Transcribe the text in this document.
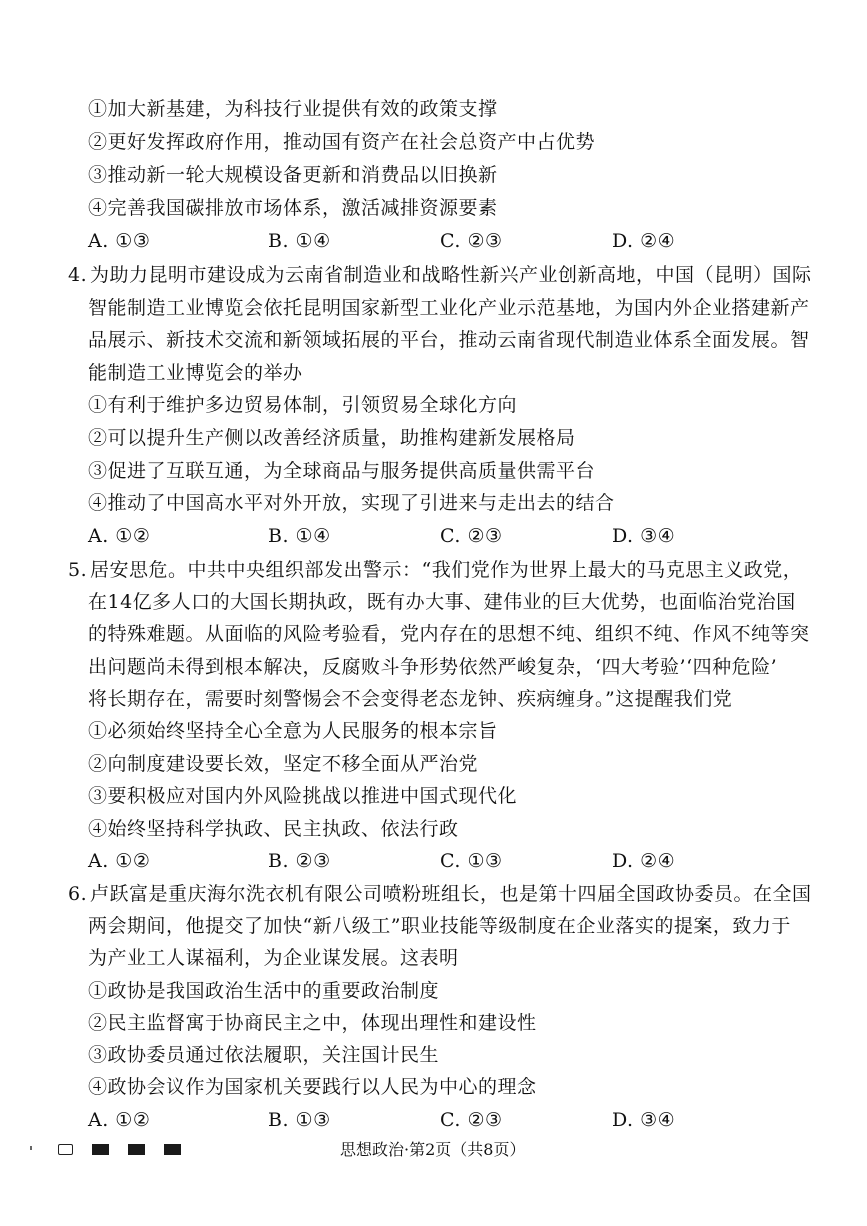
①加大新基建，为科技行业提供有效的政策支撑
②更好发挥政府作用，推动国有资产在社会总资产中占优势
③推动新一轮大规模设备更新和消费品以旧换新
④完善我国碳排放市场体系，激活减排资源要素
A. ①③	B. ①④	C. ②③	D. ②④
4. 为助力昆明市建设成为云南省制造业和战略性新兴产业创新高地，中国（昆明）国际
智能制造工业博览会依托昆明国家新型工业化产业示范基地，为国内外企业搭建新产
品展示、新技术交流和新领域拓展的平台，推动云南省现代制造业体系全面发展。智
能制造工业博览会的举办
①有利于维护多边贸易体制，引领贸易全球化方向
②可以提升生产侧以改善经济质量，助推构建新发展格局
③促进了互联互通，为全球商品与服务提供高质量供需平台
④推动了中国高水平对外开放，实现了引进来与走出去的结合
A. ①②	B. ①④	C. ②③	D. ③④
5. 居安思危。中共中央组织部发出警示：“我们党作为世界上最大的马克思主义政党，
在14亿多人口的大国长期执政，既有办大事、建伟业的巨大优势，也面临治党治国
的特殊难题。从面临的风险考验看，党内存在的思想不纯、组织不纯、作风不纯等突
出问题尚未得到根本解决，反腐败斗争形势依然严峻复杂，‘四大考验’‘四种危险’
将长期存在，需要时刻警惕会不会变得老态龙钟、疾病缠身。”这提醒我们党
①必须始终坚持全心全意为人民服务的根本宗旨
②向制度建设要长效，坚定不移全面从严治党
③要积极应对国内外风险挑战以推进中国式现代化
④始终坚持科学执政、民主执政、依法行政
A. ①②	B. ②③	C. ①③	D. ②④
6. 卢跃富是重庆海尔洗衣机有限公司喷粉班组长，也是第十四届全国政协委员。在全国
两会期间，他提交了加快“新八级工”职业技能等级制度在企业落实的提案，致力于
为产业工人谋福利，为企业谋发展。这表明
①政协是我国政治生活中的重要政治制度
②民主监督寓于协商民主之中，体现出理性和建设性
③政协委员通过依法履职，关注国计民生
④政协会议作为国家机关要践行以人民为中心的理念
A. ①②	B. ①③	C. ②③	D. ③④
思想政治·第2页（共8页）
